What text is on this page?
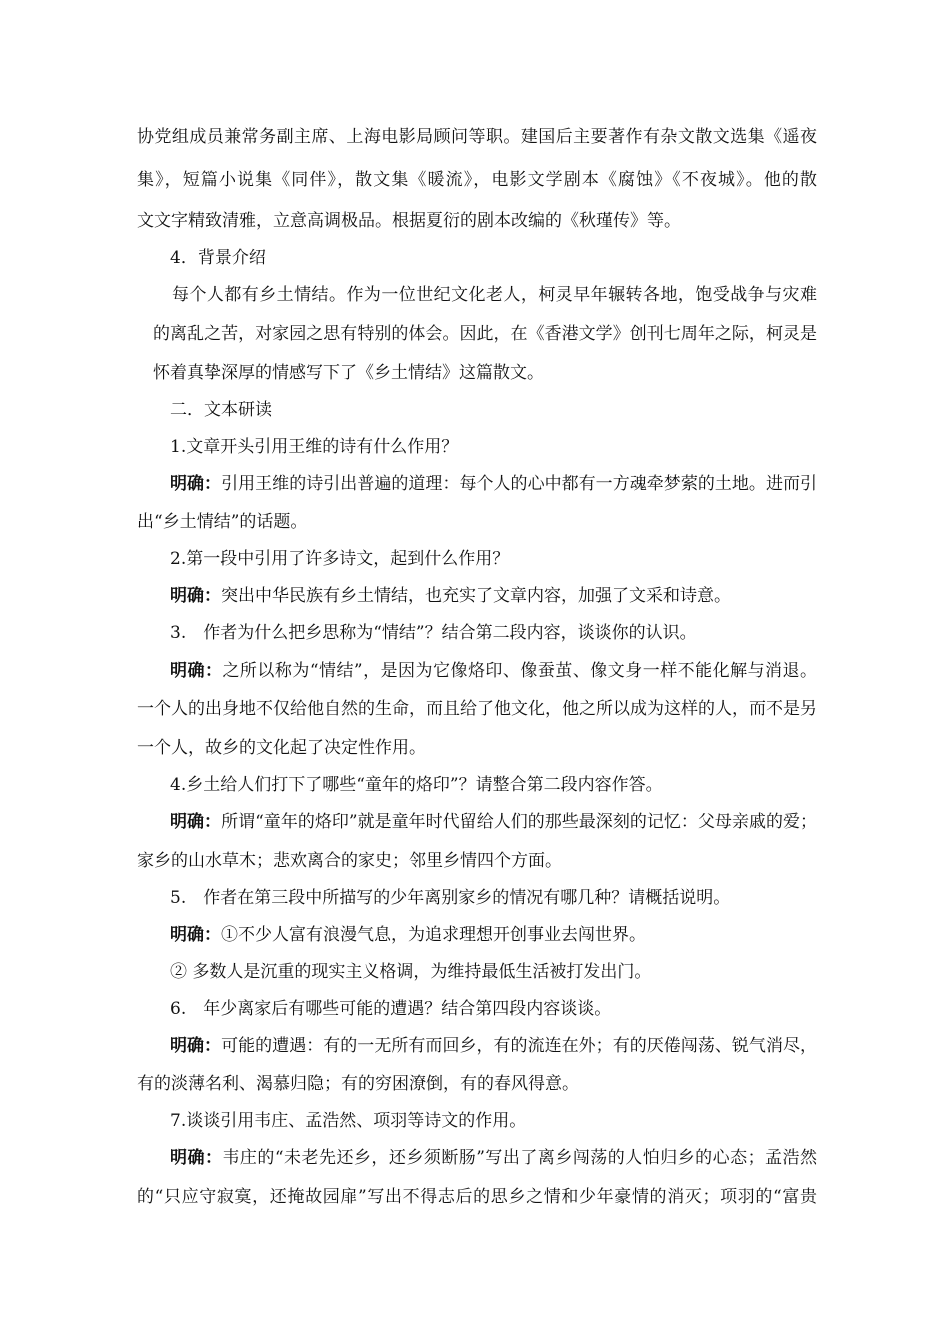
协党组成员兼常务副主席、上海电影局顾问等职。建国后主要著作有杂文散文选集《遥夜
集》，短篇小说集《同伴》，散文集《暖流》，电影文学剧本《腐蚀》《不夜城》。他的散
文文字精致清雅，立意高调极品。根据夏衍的剧本改编的《秋瑾传》等。
4．背景介绍
每个人都有乡土情结。作为一位世纪文化老人，柯灵早年辗转各地，饱受战争与灾难
的离乱之苦，对家园之思有特别的体会。因此，在《香港文学》创刊七周年之际，柯灵是
怀着真挚深厚的情感写下了《乡土情结》这篇散文。
二．文本研读
1.文章开头引用王维的诗有什么作用？
明确：引用王维的诗引出普遍的道理：每个人的心中都有一方魂牵梦萦的土地。进而引
出“乡土情结”的话题。
2.第一段中引用了许多诗文，起到什么作用？
明确：突出中华民族有乡土情结，也充实了文章内容，加强了文采和诗意。
3.　作者为什么把乡思称为“情结”？结合第二段内容，谈谈你的认识。
明确：之所以称为“情结”，是因为它像烙印、像蚕茧、像文身一样不能化解与消退。
一个人的出身地不仅给他自然的生命，而且给了他文化，他之所以成为这样的人，而不是另
一个人，故乡的文化起了决定性作用。
4.乡土给人们打下了哪些“童年的烙印”？请整合第二段内容作答。
明确：所谓“童年的烙印”就是童年时代留给人们的那些最深刻的记忆：父母亲戚的爱；
家乡的山水草木；悲欢离合的家史；邻里乡情四个方面。
5.　作者在第三段中所描写的少年离别家乡的情况有哪几种？请概括说明。
明确：①不少人富有浪漫气息，为追求理想开创事业去闯世界。
② 多数人是沉重的现实主义格调，为维持最低生活被打发出门。
6.　年少离家后有哪些可能的遭遇？结合第四段内容谈谈。
明确：可能的遭遇：有的一无所有而回乡，有的流连在外；有的厌倦闯荡、锐气消尽，
有的淡薄名利、渴慕归隐；有的穷困潦倒，有的春风得意。
7.谈谈引用韦庄、孟浩然、项羽等诗文的作用。
明确：韦庄的“未老先还乡，还乡须断肠”写出了离乡闯荡的人怕归乡的心态；孟浩然
的“只应守寂寞，还掩故园扉”写出不得志后的思乡之情和少年豪情的消灭；项羽的“富贵
